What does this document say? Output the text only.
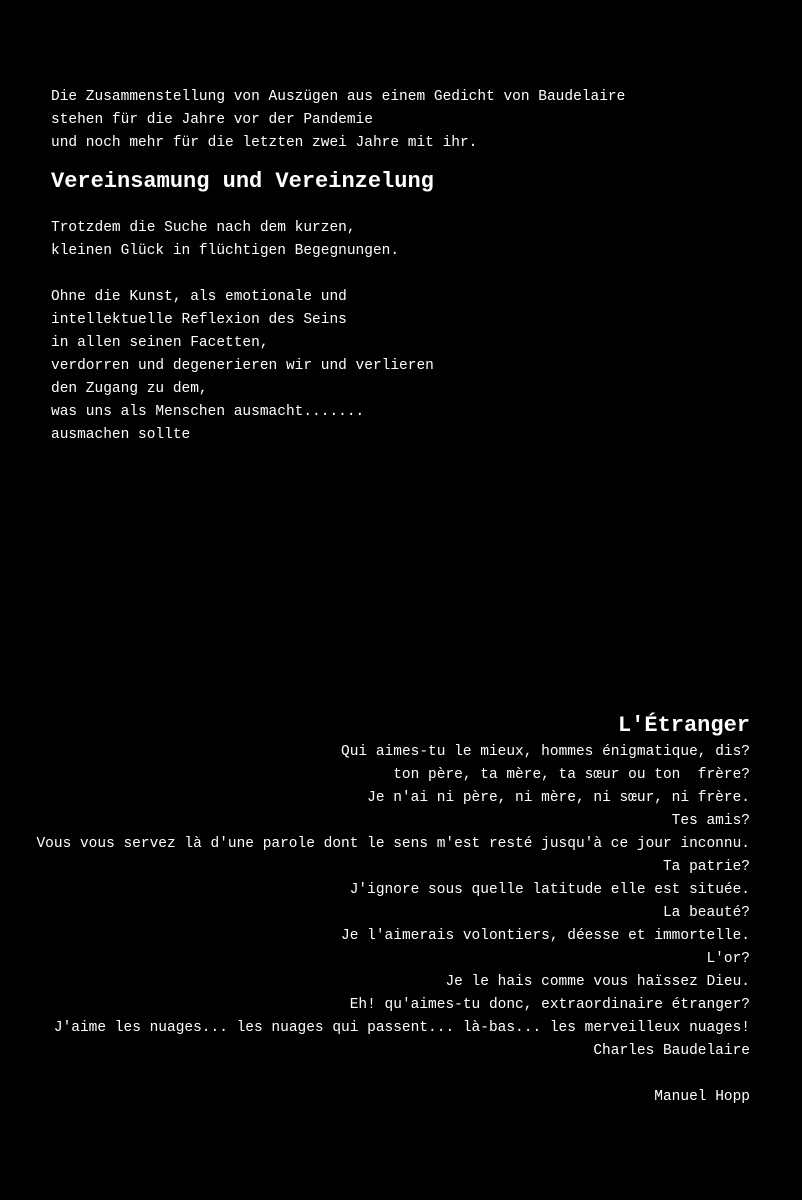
Die Zusammenstellung von Auszügen aus einem Gedicht von Baudelaire

stehen für die Jahre vor der Pandemie

und noch mehr für die letzten zwei Jahre mit ihr.

Vereinsamung und Vereinzelung

Trotzdem die Suche nach dem kurzen,

kleinen Glück in flüchtigen Begegnungen.

Ohne die Kunst, als emotionale und

intellektuelle Reflexion des Seins

in allen seinen Facetten,

verdorren und degenerieren wir und verlieren

den Zugang zu dem,

was uns als Menschen ausmacht.......

ausmachen sollte

L'Étranger

Qui aimes-tu le mieux, hommes énigmatique, dis?

ton père, ta mère, ta sœur ou ton  frère?

Je n'ai ni père, ni mère, ni sœur, ni frère.

Tes amis?

Vous vous servez là d'une parole dont le sens m'est resté jusqu'à ce jour inconnu.

Ta patrie?

J'ignore sous quelle latitude elle est située.

La beauté?

Je l'aimerais volontiers, déesse et immortelle.

L'or?

Je le hais comme vous haïssez Dieu.

Eh! qu'aimes-tu donc, extraordinaire étranger?

J'aime les nuages... les nuages qui passent... là-bas... les merveilleux nuages!

Charles Baudelaire

Manuel Hopp
